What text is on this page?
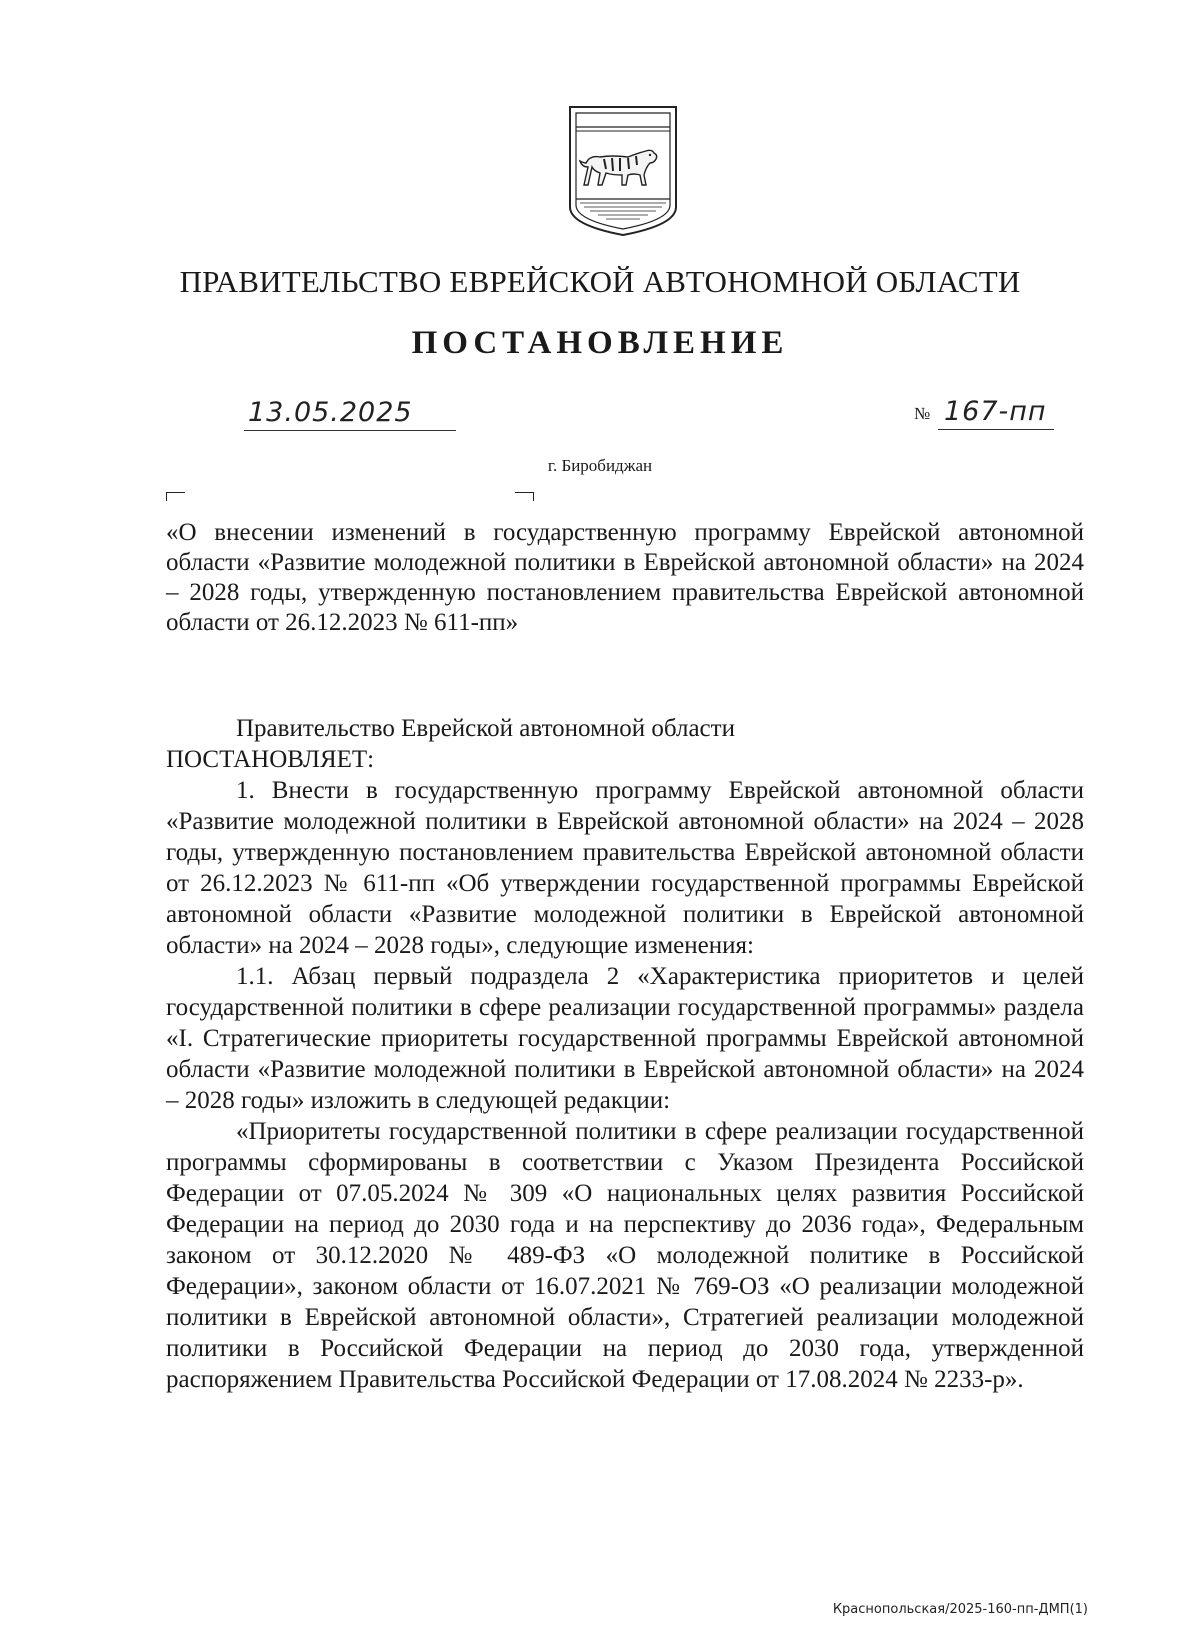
ПРАВИТЕЛЬСТВО ЕВРЕЙСКОЙ АВТОНОМНОЙ ОБЛАСТИ
ПОСТАНОВЛЕНИЕ
13.05.2025	№ 167-пп
г. Биробиджан
«О внесении изменений в государственную программу Еврейской автономной области «Развитие молодежной политики в Еврейской автономной области» на 2024 – 2028 годы, утвержденную постановлением правительства Еврейской автономной области от 26.12.2023 № 611-пп»

Правительство Еврейской автономной области

ПОСТАНОВЛЯЕТ:

1. Внести в государственную программу Еврейской автономной области «Развитие молодежной политики в Еврейской автономной области» на 2024 – 2028 годы, утвержденную постановлением правительства Еврейской автономной области от 26.12.2023 № 611-пп «Об утверждении государственной программы Еврейской автономной области «Развитие молодежной политики в Еврейской автономной области» на 2024 – 2028 годы», следующие изменения:

1.1. Абзац первый подраздела 2 «Характеристика приоритетов и целей государственной политики в сфере реализации государственной программы» раздела «I. Стратегические приоритеты государственной программы Еврейской автономной области «Развитие молодежной политики в Еврейской автономной области» на 2024 – 2028 годы» изложить в следующей редакции:

«Приоритеты государственной политики в сфере реализации государственной программы сформированы в соответствии с Указом Президента Российской Федерации от 07.05.2024 № 309 «О национальных целях развития Российской Федерации на период до 2030 года и на перспективу до 2036 года», Федеральным законом от 30.12.2020 № 489-ФЗ «О молодежной политике в Российской Федерации», законом области от 16.07.2021 № 769-ОЗ «О реализации молодежной политики в Еврейской автономной области», Стратегией реализации молодежной политики в Российской Федерации на период до 2030 года, утвержденной распоряжением Правительства Российской Федерации от 17.08.2024 № 2233-р».

Краснопольская/2025-160-пп-ДМП(1)
